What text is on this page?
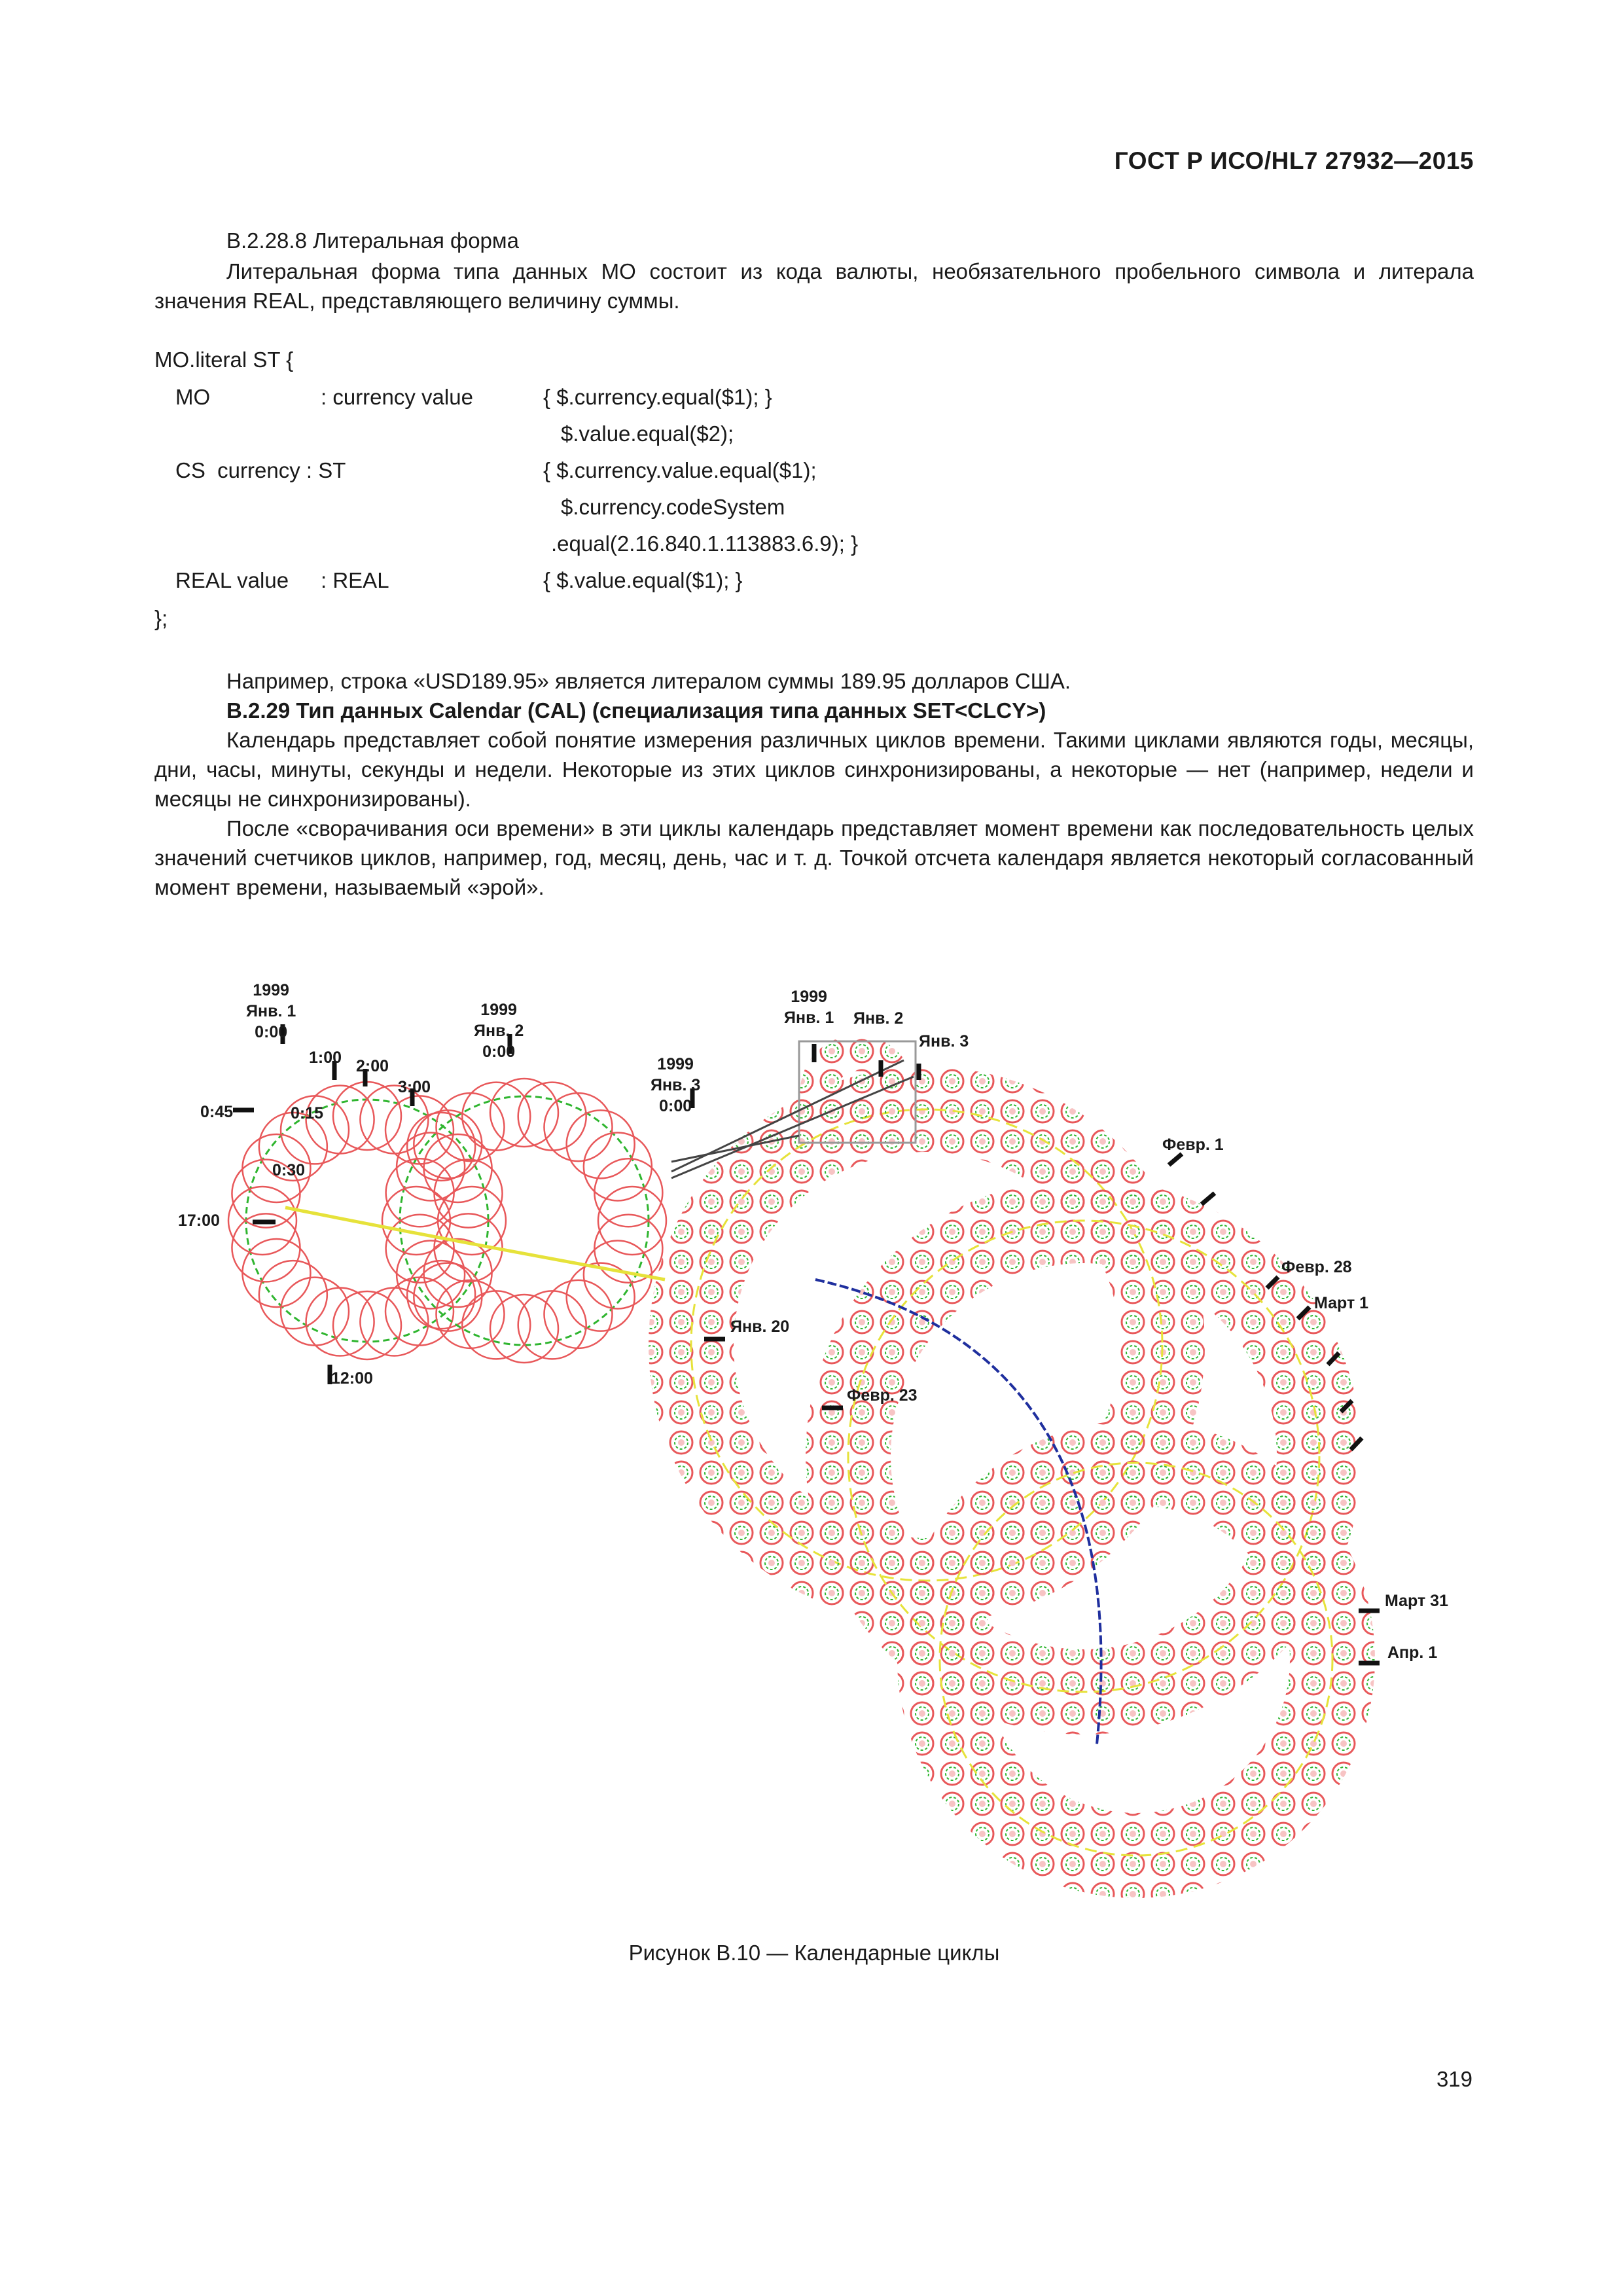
ГОСТ Р ИСО/HL7 27932—2015
В.2.28.8 Литеральная форма
Литеральная форма типа данных МО состоит из кода валюты, необязательного пробельного символа и литерала значения REAL, представляющего величину суммы.
MO.literal ST {
MO	: currency value	{ $.currency.equal($1); }
$.value.equal($2);
CS  currency : ST	{ $.currency.value.equal($1);
$.currency.codeSystem
.equal(2.16.840.1.113883.6.9); }
REAL value : REAL	{ $.value.equal($1); }
};
Например, строка «USD189.95» является литералом суммы 189.95 долларов США.
В.2.29 Тип данных Calendar (CAL) (специализация типа данных SET<CLCY>)
Календарь представляет собой понятие измерения различных циклов времени. Такими циклами являются годы, месяцы, дни, часы, минуты, секунды и недели. Некоторые из этих циклов синхронизированы, а некоторые — нет (например, недели и месяцы не синхронизированы).
После «сворачивания оси времени» в эти циклы календарь представляет момент времени как последовательность целых значений счетчиков циклов, например, год, месяц, день, час и т. д. Точкой отсчета календаря является некоторый согласованный момент времени, называемый «эрой».
1999
Янв. 1
0:00
1:00 2:00
3:00
1999
Янв. 2
0:00
1999
Янв. 3
0:00
0:45	0:15
0:30
17:00
12:00
1999
Янв. 1 Янв. 2
Янв. 3
Февр. 1
Февр. 28
Март 1
Янв. 20
Февр. 23
Март 31
Апр. 1
Рисунок В.10 — Календарные циклы
319
